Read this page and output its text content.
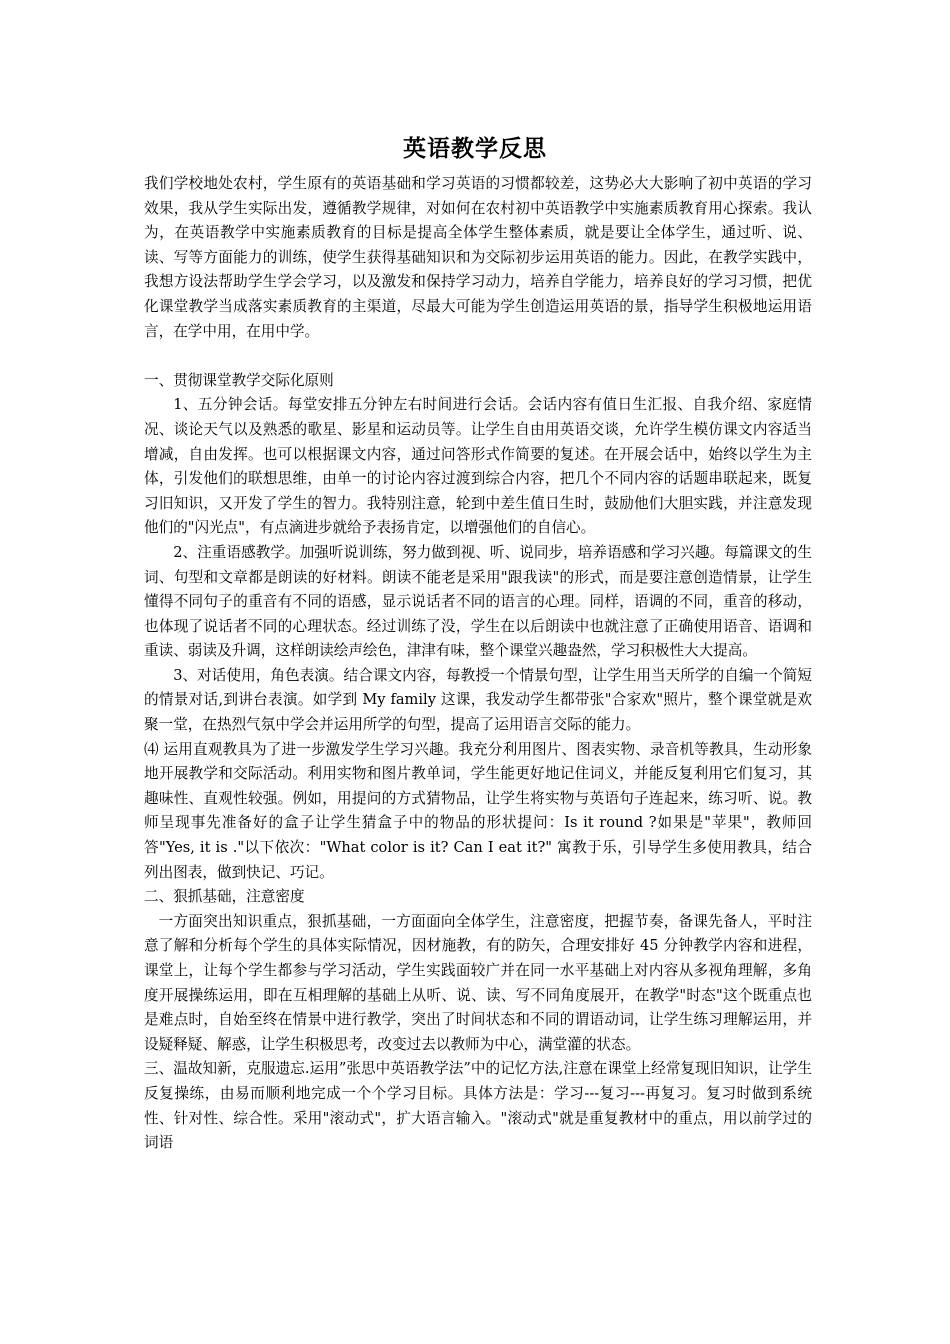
英语教学反思

我们学校地处农村，学生原有的英语基础和学习英语的习惯都较差，这势必大大影响了初中英语的学习效果，我从学生实际出发，遵循教学规律，对如何在农村初中英语教学中实施素质教育用心探索。我认为，在英语教学中实施素质教育的目标是提高全体学生整体素质，就是要让全体学生，通过听、说、读、写等方面能力的训练，使学生获得基础知识和为交际初步运用英语的能力。因此，在教学实践中，我想方设法帮助学生学会学习，以及激发和保持学习动力，培养自学能力，培养良好的学习习惯，把优化课堂教学当成落实素质教育的主渠道，尽最大可能为学生创造运用英语的景，指导学生积极地运用语言，在学中用，在用中学。

一、贯彻课堂教学交际化原则

1、五分钟会话。每堂安排五分钟左右时间进行会话。会话内容有值日生汇报、自我介绍、家庭情况、谈论天气以及熟悉的歌星、影星和运动员等。让学生自由用英语交谈，允许学生模仿课文内容适当增减，自由发挥。也可以根据课文内容，通过问答形式作简要的复述。在开展会话中，始终以学生为主体，引发他们的联想思维，由单一的讨论内容过渡到综合内容，把几个不同内容的话题串联起来，既复习旧知识，又开发了学生的智力。我特别注意，轮到中差生值日生时，鼓励他们大胆实践，并注意发现他们的"闪光点"，有点滴进步就给予表扬肯定，以增强他们的自信心。

2、注重语感教学。加强听说训练，努力做到视、听、说同步，培养语感和学习兴趣。每篇课文的生词、句型和文章都是朗读的好材料。朗读不能老是采用"跟我读"的形式，而是要注意创造情景，让学生懂得不同句子的重音有不同的语感，显示说话者不同的语言的心理。同样，语调的不同，重音的移动，也体现了说话者不同的心理状态。经过训练了没，学生在以后朗读中也就注意了正确使用语音、语调和重读、弱读及升调，这样朗读绘声绘色，津津有味，整个课堂兴趣盎然，学习积极性大大提高。

3、对话使用，角色表演。结合课文内容，每教授一个情景句型，让学生用当天所学的自编一个简短的情景对话,到讲台表演。如学到 My family 这课，我发动学生都带张"合家欢"照片，整个课堂就是欢聚一堂，在热烈气氛中学会并运用所学的句型，提高了运用语言交际的能力。

⑷ 运用直观教具为了进一步激发学生学习兴趣。我充分利用图片、图表实物、录音机等教具，生动形象地开展教学和交际活动。利用实物和图片教单词，学生能更好地记住词义，并能反复利用它们复习，其趣味性、直观性较强。例如，用提问的方式猜物品，让学生将实物与英语句子连起来，练习听、说。教师呈现事先准备好的盒子让学生猜盒子中的物品的形状提问：Is it round ?如果是"苹果"，教师回答"Yes, it is ."以下依次："What color is it? Can I eat it?" 寓教于乐，引导学生多使用教具，结合列出图表，做到快记、巧记。

二、狠抓基础，注意密度

一方面突出知识重点，狠抓基础，一方面面向全体学生，注意密度，把握节奏，备课先备人，平时注意了解和分析每个学生的具体实际情况，因材施教，有的防矢，合理安排好 45 分钟教学内容和进程，课堂上，让每个学生都参与学习活动，学生实践面较广并在同一水平基础上对内容从多视角理解，多角度开展操练运用，即在互相理解的基础上从听、说、读、写不同角度展开，在教学"时态"这个既重点也是难点时，自始至终在情景中进行教学，突出了时间状态和不同的谓语动词，让学生练习理解运用，并设疑释疑、解惑，让学生积极思考，改变过去以教师为中心，满堂灌的状态。

三、温故知新，克服遗忘.运用”张思中英语教学法”中的记忆方法,注意在课堂上经常复现旧知识，让学生反复操练，由易而顺利地完成一个个学习目标。具体方法是：学习---复习---再复习。复习时做到系统性、针对性、综合性。采用"滚动式"，扩大语言输入。"滚动式"就是重复教材中的重点，用以前学过的词语
